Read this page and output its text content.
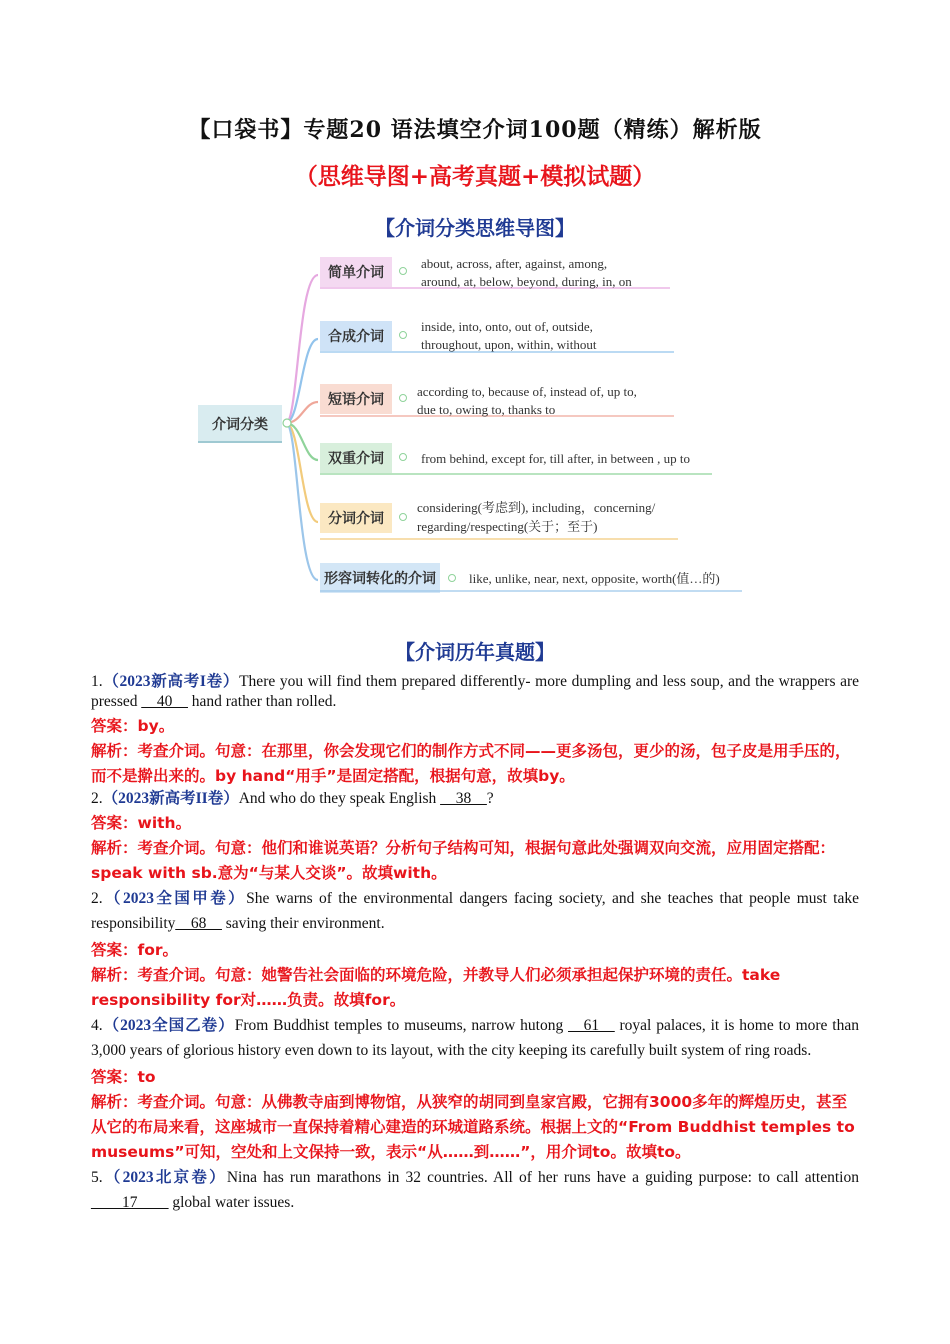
【口袋书】专题20 语法填空介词100题（精练）解析版
（思维导图+高考真题+模拟试题）
【介词分类思维导图】
介词分类
简单介词
about, across, after, against, among,
around, at, below, beyond, during, in, on
合成介词
inside, into, onto, out of, outside,
throughout, upon, within, without
短语介词
according to, because of, instead of, up to,
due to, owing to, thanks to
双重介词	from behind, except for, till after, in between , up to
分词介词
considering(考虑到), including，concerning/
regarding/respecting(关于；至于)
形容词转化的介词	like, unlike, near, next, opposite, worth(值…的)
【介词历年真题】

1.（2023新高考I卷）There you will find them prepared differently- more dumpling and less soup, and the wrappers are pressed __40__ hand rather than rolled.

答案：by。

解析：考查介词。句意：在那里，你会发现它们的制作方式不同——更多汤包，更少的汤，包子皮是用手压的，而不是擀出来的。by hand“用手”是固定搭配，根据句意，故填by。

2.（2023新高考II卷）And who do they speak English __38__?

答案：with。

解析：考查介词。句意：他们和谁说英语？分析句子结构可知，根据句意此处强调双向交流，应用固定搭配：speak with sb.意为“与某人交谈”。故填with。

2.（2023全国甲卷）She warns of the environmental dangers facing society, and she teaches that people must take responsibility__68__ saving their environment.

答案：for。

解析：考查介词。句意：她警告社会面临的环境危险，并教导人们必须承担起保护环境的责任。take responsibility for对……负责。故填for。

4.（2023全国乙卷）From Buddhist temples to museums, narrow hutong __61__ royal palaces, it is home to more than 3,000 years of glorious history even down to its layout, with the city keeping its carefully built system of ring roads.

答案：to

解析：考查介词。句意：从佛教寺庙到博物馆，从狭窄的胡同到皇家宫殿，它拥有3000多年的辉煌历史，甚至从它的布局来看，这座城市一直保持着精心建造的环城道路系统。根据上文的“From Buddhist temples to museums”可知，空处和上文保持一致，表示“从……到……”，用介词to。故填to。

5.（2023北京卷）Nina has run marathons in 32 countries. All of her runs have a guiding purpose: to call attention ____17____ global water issues.
